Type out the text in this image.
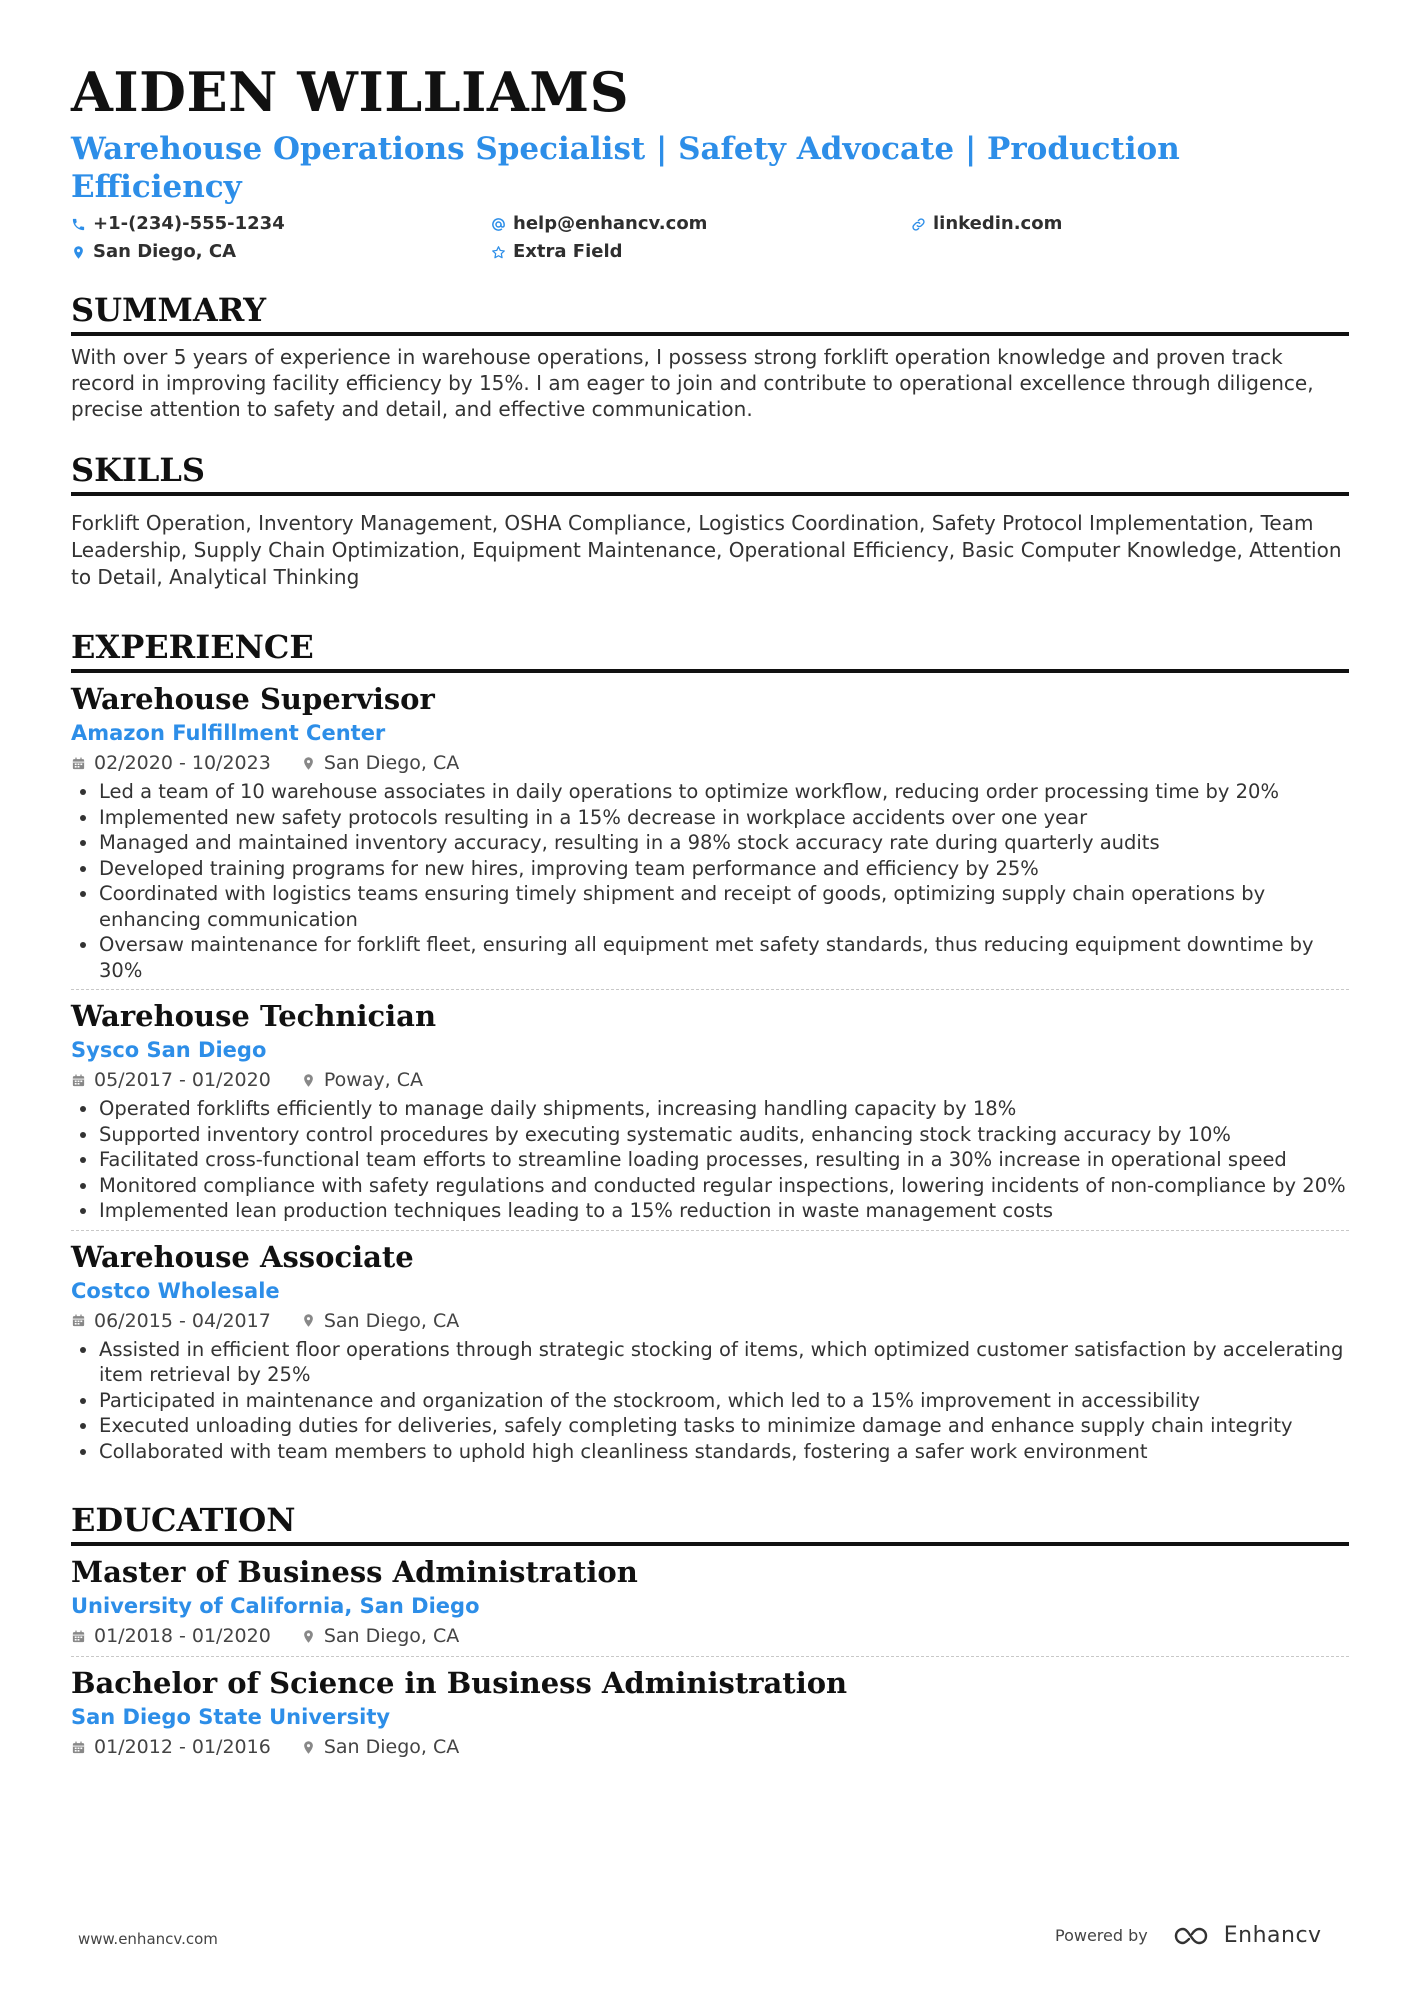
AIDEN WILLIAMS
Warehouse Operations Specialist | Safety Advocate | Production Efficiency
+1-(234)-555-1234	help@enhancv.com	linkedin.com
San Diego, CA	Extra Field
SUMMARY

With over 5 years of experience in warehouse operations, I possess strong forklift operation knowledge and proven track record in improving facility efficiency by 15%. I am eager to join and contribute to operational excellence through diligence, precise attention to safety and detail, and effective communication.

SKILLS

Forklift Operation, Inventory Management, OSHA Compliance, Logistics Coordination, Safety Protocol Implementation, Team Leadership, Supply Chain Optimization, Equipment Maintenance, Operational Efficiency, Basic Computer Knowledge, Attention to Detail, Analytical Thinking

EXPERIENCE
Warehouse Supervisor
Amazon Fulfillment Center
02/2020 - 10/2023	San Diego, CA
• Led a team of 10 warehouse associates in daily operations to optimize workflow, reducing order processing time by 20%
• Implemented new safety protocols resulting in a 15% decrease in workplace accidents over one year
• Managed and maintained inventory accuracy, resulting in a 98% stock accuracy rate during quarterly audits
• Developed training programs for new hires, improving team performance and efficiency by 25%
• Coordinated with logistics teams ensuring timely shipment and receipt of goods, optimizing supply chain operations by enhancing communication
• Oversaw maintenance for forklift fleet, ensuring all equipment met safety standards, thus reducing equipment downtime by 30%
Warehouse Technician
Sysco San Diego
05/2017 - 01/2020	Poway, CA
• Operated forklifts efficiently to manage daily shipments, increasing handling capacity by 18%
• Supported inventory control procedures by executing systematic audits, enhancing stock tracking accuracy by 10%
• Facilitated cross-functional team efforts to streamline loading processes, resulting in a 30% increase in operational speed
• Monitored compliance with safety regulations and conducted regular inspections, lowering incidents of non-compliance by 20%
• Implemented lean production techniques leading to a 15% reduction in waste management costs
Warehouse Associate
Costco Wholesale
06/2015 - 04/2017	San Diego, CA
• Assisted in efficient floor operations through strategic stocking of items, which optimized customer satisfaction by accelerating item retrieval by 25%
• Participated in maintenance and organization of the stockroom, which led to a 15% improvement in accessibility
• Executed unloading duties for deliveries, safely completing tasks to minimize damage and enhance supply chain integrity
• Collaborated with team members to uphold high cleanliness standards, fostering a safer work environment
EDUCATION
Master of Business Administration
University of California, San Diego
01/2018 - 01/2020	San Diego, CA
Bachelor of Science in Business Administration
San Diego State University
01/2012 - 01/2016	San Diego, CA
www.enhancv.com	Powered by	Enhancv
